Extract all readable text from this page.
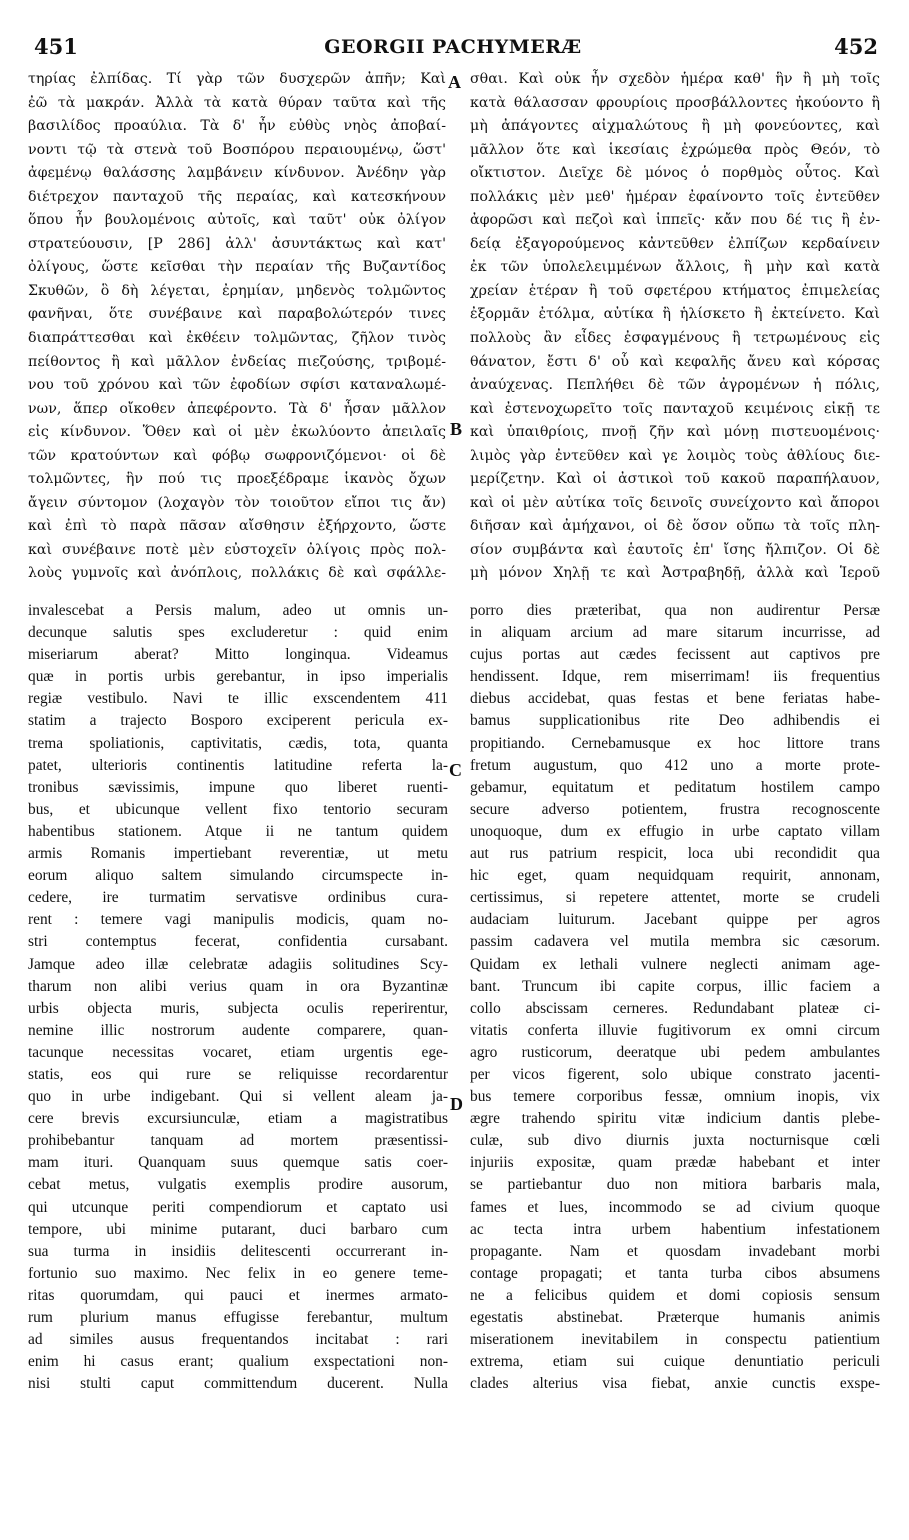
451	GEORGII PACHYMERÆ	452
τηρίας ἐλπίδας. Τί γὰρ τῶν δυσχερῶν ἀπῆν; Καὶ
ἐῶ τὰ μακράν. Ἀλλὰ τὰ κατὰ θύραν ταῦτα καὶ τῆς
βασιλίδος προαύλια. Τὰ δ' ἦν εὐθὺς νηὸς ἀποβαί-
νοντι τῷ τὰ στενὰ τοῦ Βοσπόρου περαιουμένῳ, ὥστ'
ἀφεμένῳ θαλάσσης λαμβάνειν κίνδυνον. Ἀνέδην γὰρ
διέτρεχον πανταχοῦ τῆς περαίας, καὶ κατεσκήνουν
ὅπου ἦν βουλομένοις αὐτοῖς, καὶ ταῦτ' οὐκ ὀλίγον
στρατεύουσιν, [P 286] ἀλλ' ἀσυντάκτως καὶ κατ'
ὀλίγους, ὥστε κεῖσθαι τὴν περαίαν τῆς Βυζαντίδος
Σκυθῶν, ὃ δὴ λέγεται, ἐρημίαν, μηδενὸς τολμῶντος
φανῆναι, ὅτε συνέβαινε καὶ παραβολώτερόν τινες
διαπράττεσθαι καὶ ἐκθέειν τολμῶντας, ζῆλον τινὸς
πείθοντος ἢ καὶ μᾶλλον ἐνδείας πιεζούσης, τριβομέ-
νου τοῦ χρόνου καὶ τῶν ἐφοδίων σφίσι καταναλωμέ-
νων, ἅπερ οἴκοθεν ἀπεφέροντο. Τὰ δ' ἦσαν μᾶλλον
εἰς κίνδυνον. Ὅθεν καὶ οἱ μὲν ἐκωλύοντο ἀπειλαῖς
τῶν κρατούντων καὶ φόβῳ σωφρονιζόμενοι· οἱ δὲ
τολμῶντες, ἣν πού τις προεξέδραμε ἱκανὸς ὄχων
ἄγειν σύντομον (λοχαγὸν τὸν τοιοῦτον εἴποι τις ἄν)
καὶ ἐπὶ τὸ παρὰ πᾶσαν αἴσθησιν ἐξήρχοντο, ὥστε
καὶ συνέβαινε ποτὲ μὲν εὐστοχεῖν ὀλίγοις πρὸς πολ-
λοὺς γυμνοῖς καὶ ἀνόπλοις, πολλάκις δὲ καὶ σφάλλε-
σθαι. Καὶ οὐκ ἦν σχεδὸν ἡμέρα καθ' ἣν ἢ μὴ τοῖς
κατὰ θάλασσαν φρουρίοις προσβάλλοντες ἠκούοντο ἢ
μὴ ἀπάγοντες αἰχμαλώτους ἢ μὴ φονεύοντες, καὶ
μᾶλλον ὅτε καὶ ἱκεσίαις ἐχρώμεθα πρὸς Θεόν, τὸ
οἴκτιστον. Διεῖχε δὲ μόνος ὁ πορθμὸς οὗτος. Καὶ
πολλάκις μὲν μεθ' ἡμέραν ἐφαίνοντο τοῖς ἐντεῦθεν
ἀφορῶσι καὶ πεζοὶ καὶ ἱππεῖς· κἄν που δέ τις ἢ ἐν-
δείᾳ ἐξαγορούμενος κἀντεῦθεν ἐλπίζων κερδαίνειν
ἐκ τῶν ὑπολελειμμένων ἄλλοις, ἢ μὴν καὶ κατὰ
χρείαν ἑτέραν ἢ τοῦ σφετέρου κτήματος ἐπιμελείας
ἐξορμᾶν ἐτόλμα, αὐτίκα ἢ ἡλίσκετο ἢ ἐκτείνετο. Καὶ
πολλοὺς ἂν εἶδες ἐσφαγμένους ἢ τετρωμένους εἰς
θάνατον, ἔστι δ' οὗ καὶ κεφαλῆς ἄνευ καὶ κόρσας
ἀναύχενας. Πεπλήθει δὲ τῶν ἀγρομένων ἡ πόλις,
καὶ ἐστενοχωρεῖτο τοῖς πανταχοῦ κειμένοις εἰκῇ τε
καὶ ὑπαιθρίοις, πνοῇ ζῆν καὶ μόνῃ πιστευομένοις·
λιμὸς γὰρ ἐντεῦθεν καὶ γε λοιμὸς τοὺς ἀθλίους διε-
μερίζετην. Καὶ οἱ ἀστικοὶ τοῦ κακοῦ παραπήλαυον,
καὶ οἱ μὲν αὐτίκα τοῖς δεινοῖς συνείχοντο καὶ ἄποροι
διῆσαν καὶ ἀμήχανοι, οἱ δὲ ὅσον οὔπω τὰ τοῖς πλη-
σίον συμβάντα καὶ ἑαυτοῖς ἐπ' ἴσης ἤλπιζον. Οἱ δὲ
μὴ μόνον Χηλῇ τε καὶ Ἀστραβηδῇ, ἀλλὰ καὶ Ἱεροῦ
A
B
C
D
invalescebat a Persis malum, adeo ut omnis un-
decunque salutis spes excluderetur : quid enim
miseriarum aberat? Mitto longinqua. Videamus
quæ in portis urbis gerebantur, in ipso imperialis
regiæ vestibulo. Navi te illic exscendentem 411
statim a trajecto Bosporo exciperent pericula ex-
trema spoliationis, captivitatis, cædis, tota, quanta
patet, ulterioris continentis latitudine referta la-
tronibus sævissimis, impune quo liberet ruenti-
bus, et ubicunque vellent fixo tentorio securam
habentibus stationem. Atque ii ne tantum quidem
armis Romanis impertiebant reverentiæ, ut metu
eorum aliquo saltem simulando circumspecte in-
cedere, ire turmatim servatisve ordinibus cura-
rent : temere vagi manipulis modicis, quam no-
stri contemptus fecerat, confidentia cursabant.
Jamque adeo illæ celebratæ adagiis solitudines Scy-
tharum non alibi verius quam in ora Byzantinæ
urbis objecta muris, subjecta oculis reperirentur,
nemine illic nostrorum audente comparere, quan-
tacunque necessitas vocaret, etiam urgentis ege-
statis, eos qui rure se reliquisse recordarentur
quo in urbe indigebant. Qui si vellent aleam ja-
cere brevis excursiunculæ, etiam a magistratibus
prohibebantur tanquam ad mortem præsentissi-
mam ituri. Quanquam suus quemque satis coer-
cebat metus, vulgatis exemplis prodire ausorum,
qui utcunque periti compendiorum et captato usi
tempore, ubi minime putarant, duci barbaro cum
sua turma in insidiis delitescenti occurrerant in-
fortunio suo maximo. Nec felix in eo genere teme-
ritas quorumdam, qui pauci et inermes armato-
rum plurium manus effugisse ferebantur, multum
ad similes ausus frequentandos incitabat : rari
enim hi casus erant; qualium exspectationi non-
nisi stulti caput committendum ducerent. Nulla
porro dies præteribat, qua non audirentur Persæ
in aliquam arcium ad mare sitarum incurrisse, ad
cujus portas aut cædes fecissent aut captivos pre
hendissent. Idque, rem miserrimam! iis frequentius
diebus accidebat, quas festas et bene feriatas habe-
bamus supplicationibus rite Deo adhibendis ei
propitiando. Cernebamusque ex hoc littore trans
fretum augustum, quo 412 uno a morte prote-
gebamur, equitatum et peditatum hostilem campo
secure adverso potientem, frustra recognoscente
unoquoque, dum ex effugio in urbe captato villam
aut rus patrium respicit, loca ubi recondidit qua
hic eget, quam nequidquam requirit, annonam,
certissimus, si repetere attentet, morte se crudeli
audaciam luiturum. Jacebant quippe per agros
passim cadavera vel mutila membra sic cæsorum.
Quidam ex lethali vulnere neglecti animam age-
bant. Truncum ibi capite corpus, illic faciem a
collo abscissam cerneres. Redundabant plateæ ci-
vitatis conferta illuvie fugitivorum ex omni circum
agro rusticorum, deeratque ubi pedem ambulantes
per vicos figerent, solo ubique constrato jacenti-
bus temere corporibus fessæ, omnium inopis, vix
ægre trahendo spiritu vitæ indicium dantis plebe-
culæ, sub divo diurnis juxta nocturnisque cœli
injuriis expositæ, quam prædæ habebant et inter
se partiebantur duo non mitiora barbaris mala,
fames et lues, incommodo se ad civium quoque
ac tecta intra urbem habentium infestationem
propagante. Nam et quosdam invadebant morbi
contage propagati; et tanta turba cibos absumens
ne a felicibus quidem et domi copiosis sensum
egestatis abstinebat. Præterque humanis animis
miserationem inevitabilem in conspectu patientium
extrema, etiam sui cuique denuntiatio periculi
clades alterius visa fiebat, anxie cunctis exspe-
